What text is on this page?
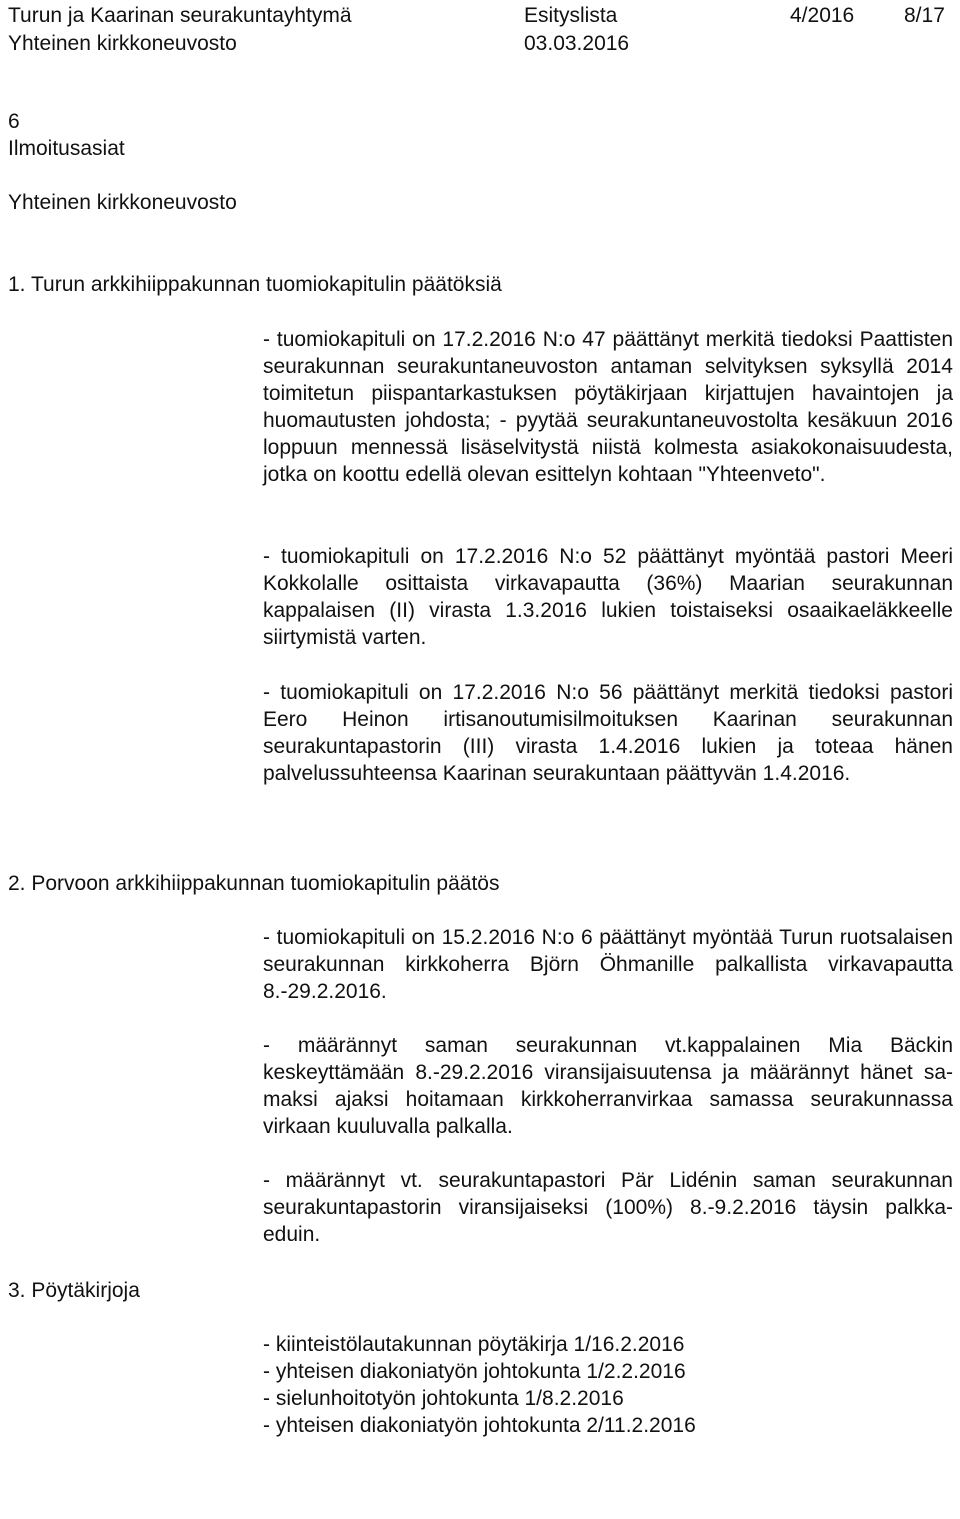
Turun ja Kaarinan seurakuntayhtymä	Esityslista	4/2016 8/17
Yhteinen kirkkoneuvosto	03.03.2016
6
Ilmoitusasiat
Yhteinen kirkkoneuvosto
1. Turun arkkihiippakunnan tuomiokapitulin päätöksiä

- tuomiokapituli on 17.2.2016 N:o 47 päättänyt merkitä tiedoksi Paattisten seurakunnan seurakuntaneuvoston antaman selvityksen syksyllä 2014 toimitetun piispantarkastuksen pöytäkirjaan kirjattujen havaintojen ja huomautusten johdosta; - pyytää seurakuntaneuvostolta kesäkuun 2016 loppuun mennessä lisäselvitystä niistä kolmesta asiakokonaisuudesta, jotka on koottu edellä olevan esittelyn kohtaan "Yhteenveto".

- tuomiokapituli on 17.2.2016 N:o 52 päättänyt myöntää pastori Meeri Kokkolalle osittaista virkavapautta (36%) Maarian seurakunnan kappalaisen (II) virasta 1.3.2016 lukien toistaiseksi osaaikaeläkkeelle siirtymistä varten.

- tuomiokapituli on 17.2.2016 N:o 56 päättänyt merkitä tiedoksi pastori Eero Heinon irtisanoutumisilmoituksen Kaarinan seurakunnan seurakuntapastorin (III) virasta 1.4.2016 lukien ja toteaa hänen palvelussuhteensa Kaarinan seurakuntaan päättyvän 1.4.2016.

2. Porvoon arkkihiippakunnan tuomiokapitulin päätös

- tuomiokapituli on 15.2.2016 N:o 6 päättänyt myöntää Turun ruotsalaisen seurakunnan kirkkoherra Björn Öhmanille palkallista virkavapautta 8.-29.2.2016.

- määrännyt saman seurakunnan vt.kappalainen Mia Bäckin keskeyttämään 8.-29.2.2016 viransijaisuutensa ja määrännyt hänet sa- maksi ajaksi hoitamaan kirkkoherranvirkaa samassa seurakunnassa virkaan kuuluvalla palkalla.

- määrännyt vt. seurakuntapastori Pär Lidénin saman seurakunnan seurakuntapastorin viransijaiseksi (100%) 8.-9.2.2016 täysin palkka- eduin.

3. Pöytäkirjoja
- kiinteistölautakunnan pöytäkirja 1/16.2.2016
- yhteisen diakoniatyön johtokunta 1/2.2.2016
- sielunhoitotyön johtokunta 1/8.2.2016
- yhteisen diakoniatyön johtokunta 2/11.2.2016
